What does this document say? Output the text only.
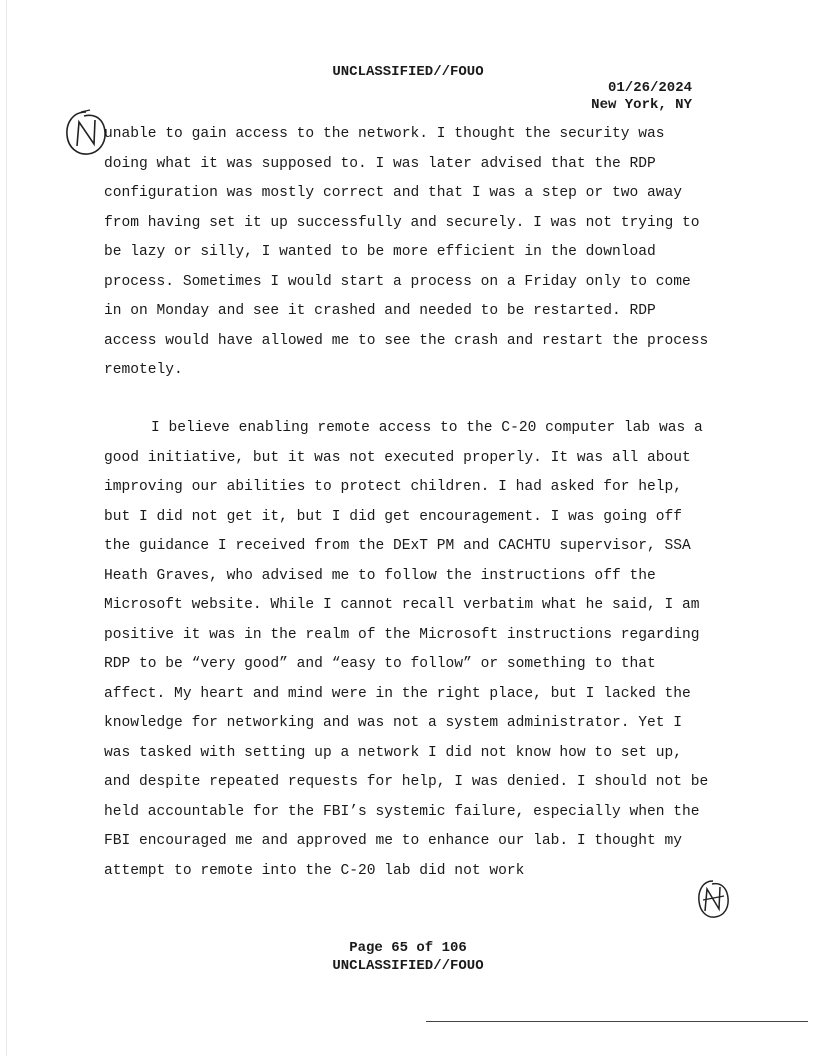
UNCLASSIFIED//FOUO
01/26/2024
New York, NY

unable to gain access to the network. I thought the security was doing what it was supposed to. I was later advised that the RDP configuration was mostly correct and that I was a step or two away from having set it up successfully and securely. I was not trying to be lazy or silly, I wanted to be more efficient in the download process. Sometimes I would start a process on a Friday only to come in on Monday and see it crashed and needed to be restarted. RDP access would have allowed me to see the crash and restart the process remotely.

I believe enabling remote access to the C-20 computer lab was a good initiative, but it was not executed properly. It was all about improving our abilities to protect children. I had asked for help, but I did not get it, but I did get encouragement. I was going off the guidance I received from the DExT PM and CACHTU supervisor, SSA Heath Graves, who advised me to follow the instructions off the Microsoft website. While I cannot recall verbatim what he said, I am positive it was in the realm of the Microsoft instructions regarding RDP to be “very good” and “easy to follow” or something to that affect. My heart and mind were in the right place, but I lacked the knowledge for networking and was not a system administrator. Yet I was tasked with setting up a network I did not know how to set up, and despite repeated requests for help, I was denied. I should not be held accountable for the FBI’s systemic failure, especially when the FBI encouraged me and approved me to enhance our lab. I thought my attempt to remote into the C-20 lab did not work

Page 65 of 106
UNCLASSIFIED//FOUO
